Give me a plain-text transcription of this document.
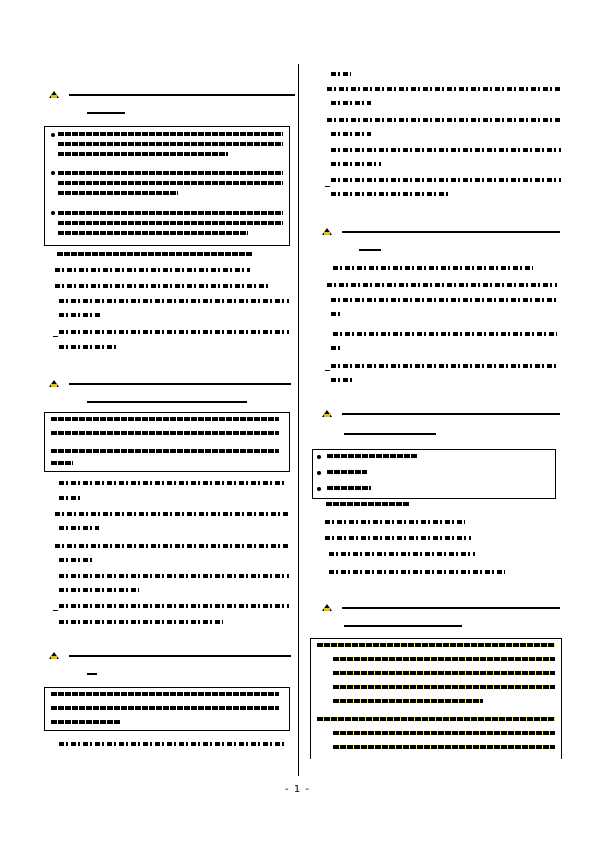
- 1 -
